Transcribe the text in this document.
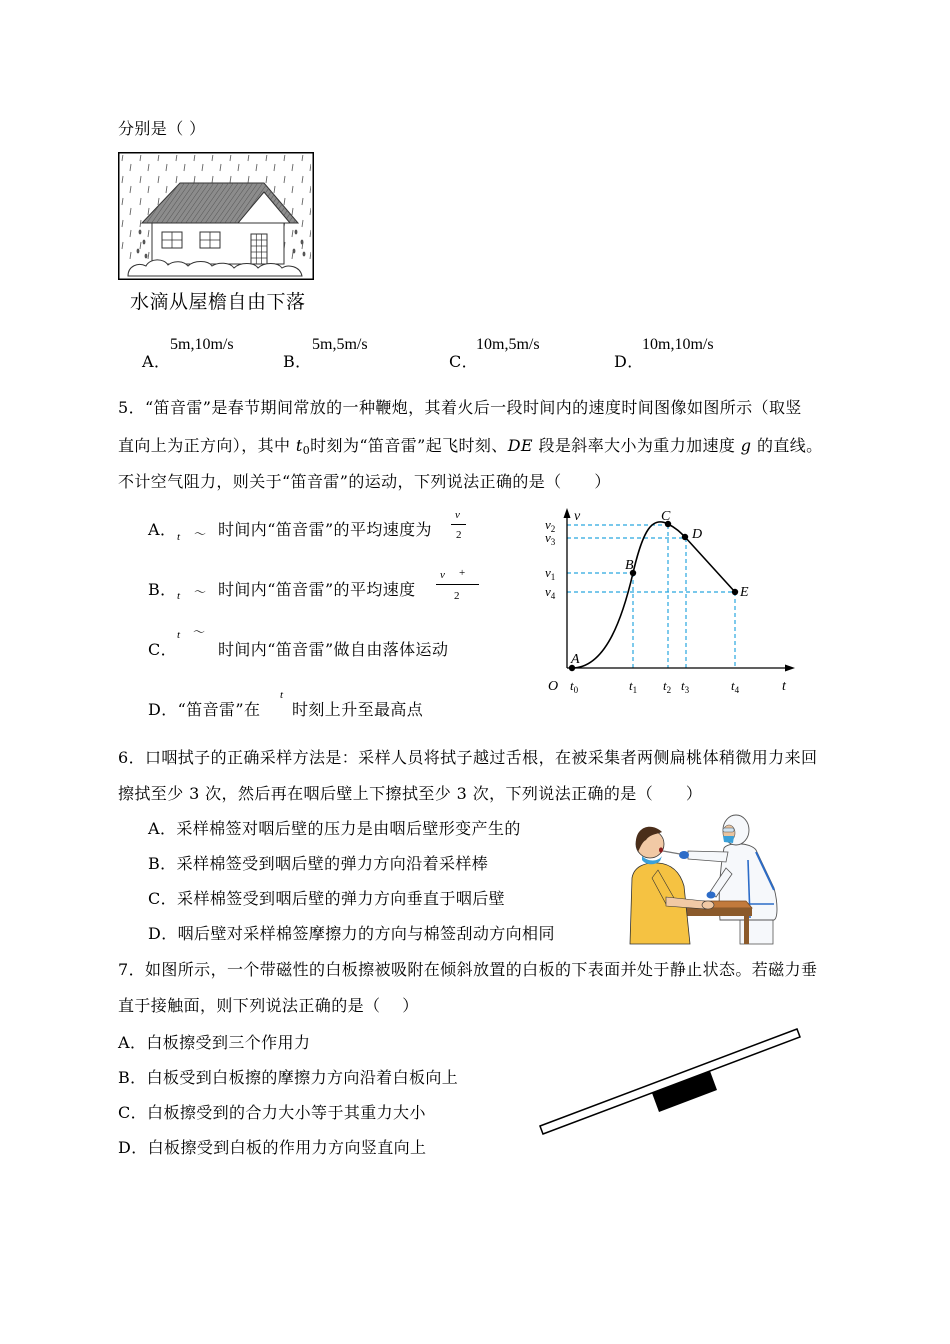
分别是（ ）
水滴从屋檐自由下落
A．
5m,10m/s
B．
5m,5m/s
C．
10m,5m/s
D．
10m,10m/s
5．“笛音雷”是春节期间常放的一种鞭炮，其着火后一段时间内的速度时间图像如图所示（取竖
直向上为正方向），其中 $t_0$时刻为“笛音雷”起飞时刻、DE 段是斜率大小为重力加速度 g 的直线。
不计空气阻力，则关于“笛音雷”的运动，下列说法正确的是（　　）
A． t ～ 时间内“笛音雷”的平均速度为
v
2
B． t ～ 时间内“笛音雷”的平均速度
v +
2
C．
t ～
时间内“笛音雷”做自由落体运动
D．“笛音雷”在
t
时刻上升至最高点
A
B
C
D
E
v
t
O
$v_2$
$v_3$
$v_1$
$v_4$
$t_0$	$t_1$ $t_2$ $t_3$	$t_4$
6．口咽拭子的正确采样方法是：采样人员将拭子越过舌根，在被采集者两侧扁桃体稍微用力来回
擦拭至少 3 次，然后再在咽后壁上下擦拭至少 3 次，下列说法正确的是（　　）
A．采样棉签对咽后壁的压力是由咽后壁形变产生的
B．采样棉签受到咽后壁的弹力方向沿着采样棒
C．采样棉签受到咽后壁的弹力方向垂直于咽后壁
D．咽后壁对采样棉签摩擦力的方向与棉签刮动方向相同
7．如图所示，一个带磁性的白板擦被吸附在倾斜放置的白板的下表面并处于静止状态。若磁力垂
直于接触面，则下列说法正确的是（　 ）
A．白板擦受到三个作用力
B．白板受到白板擦的摩擦力方向沿着白板向上
C．白板擦受到的合力大小等于其重力大小
D．白板擦受到白板的作用力方向竖直向上
